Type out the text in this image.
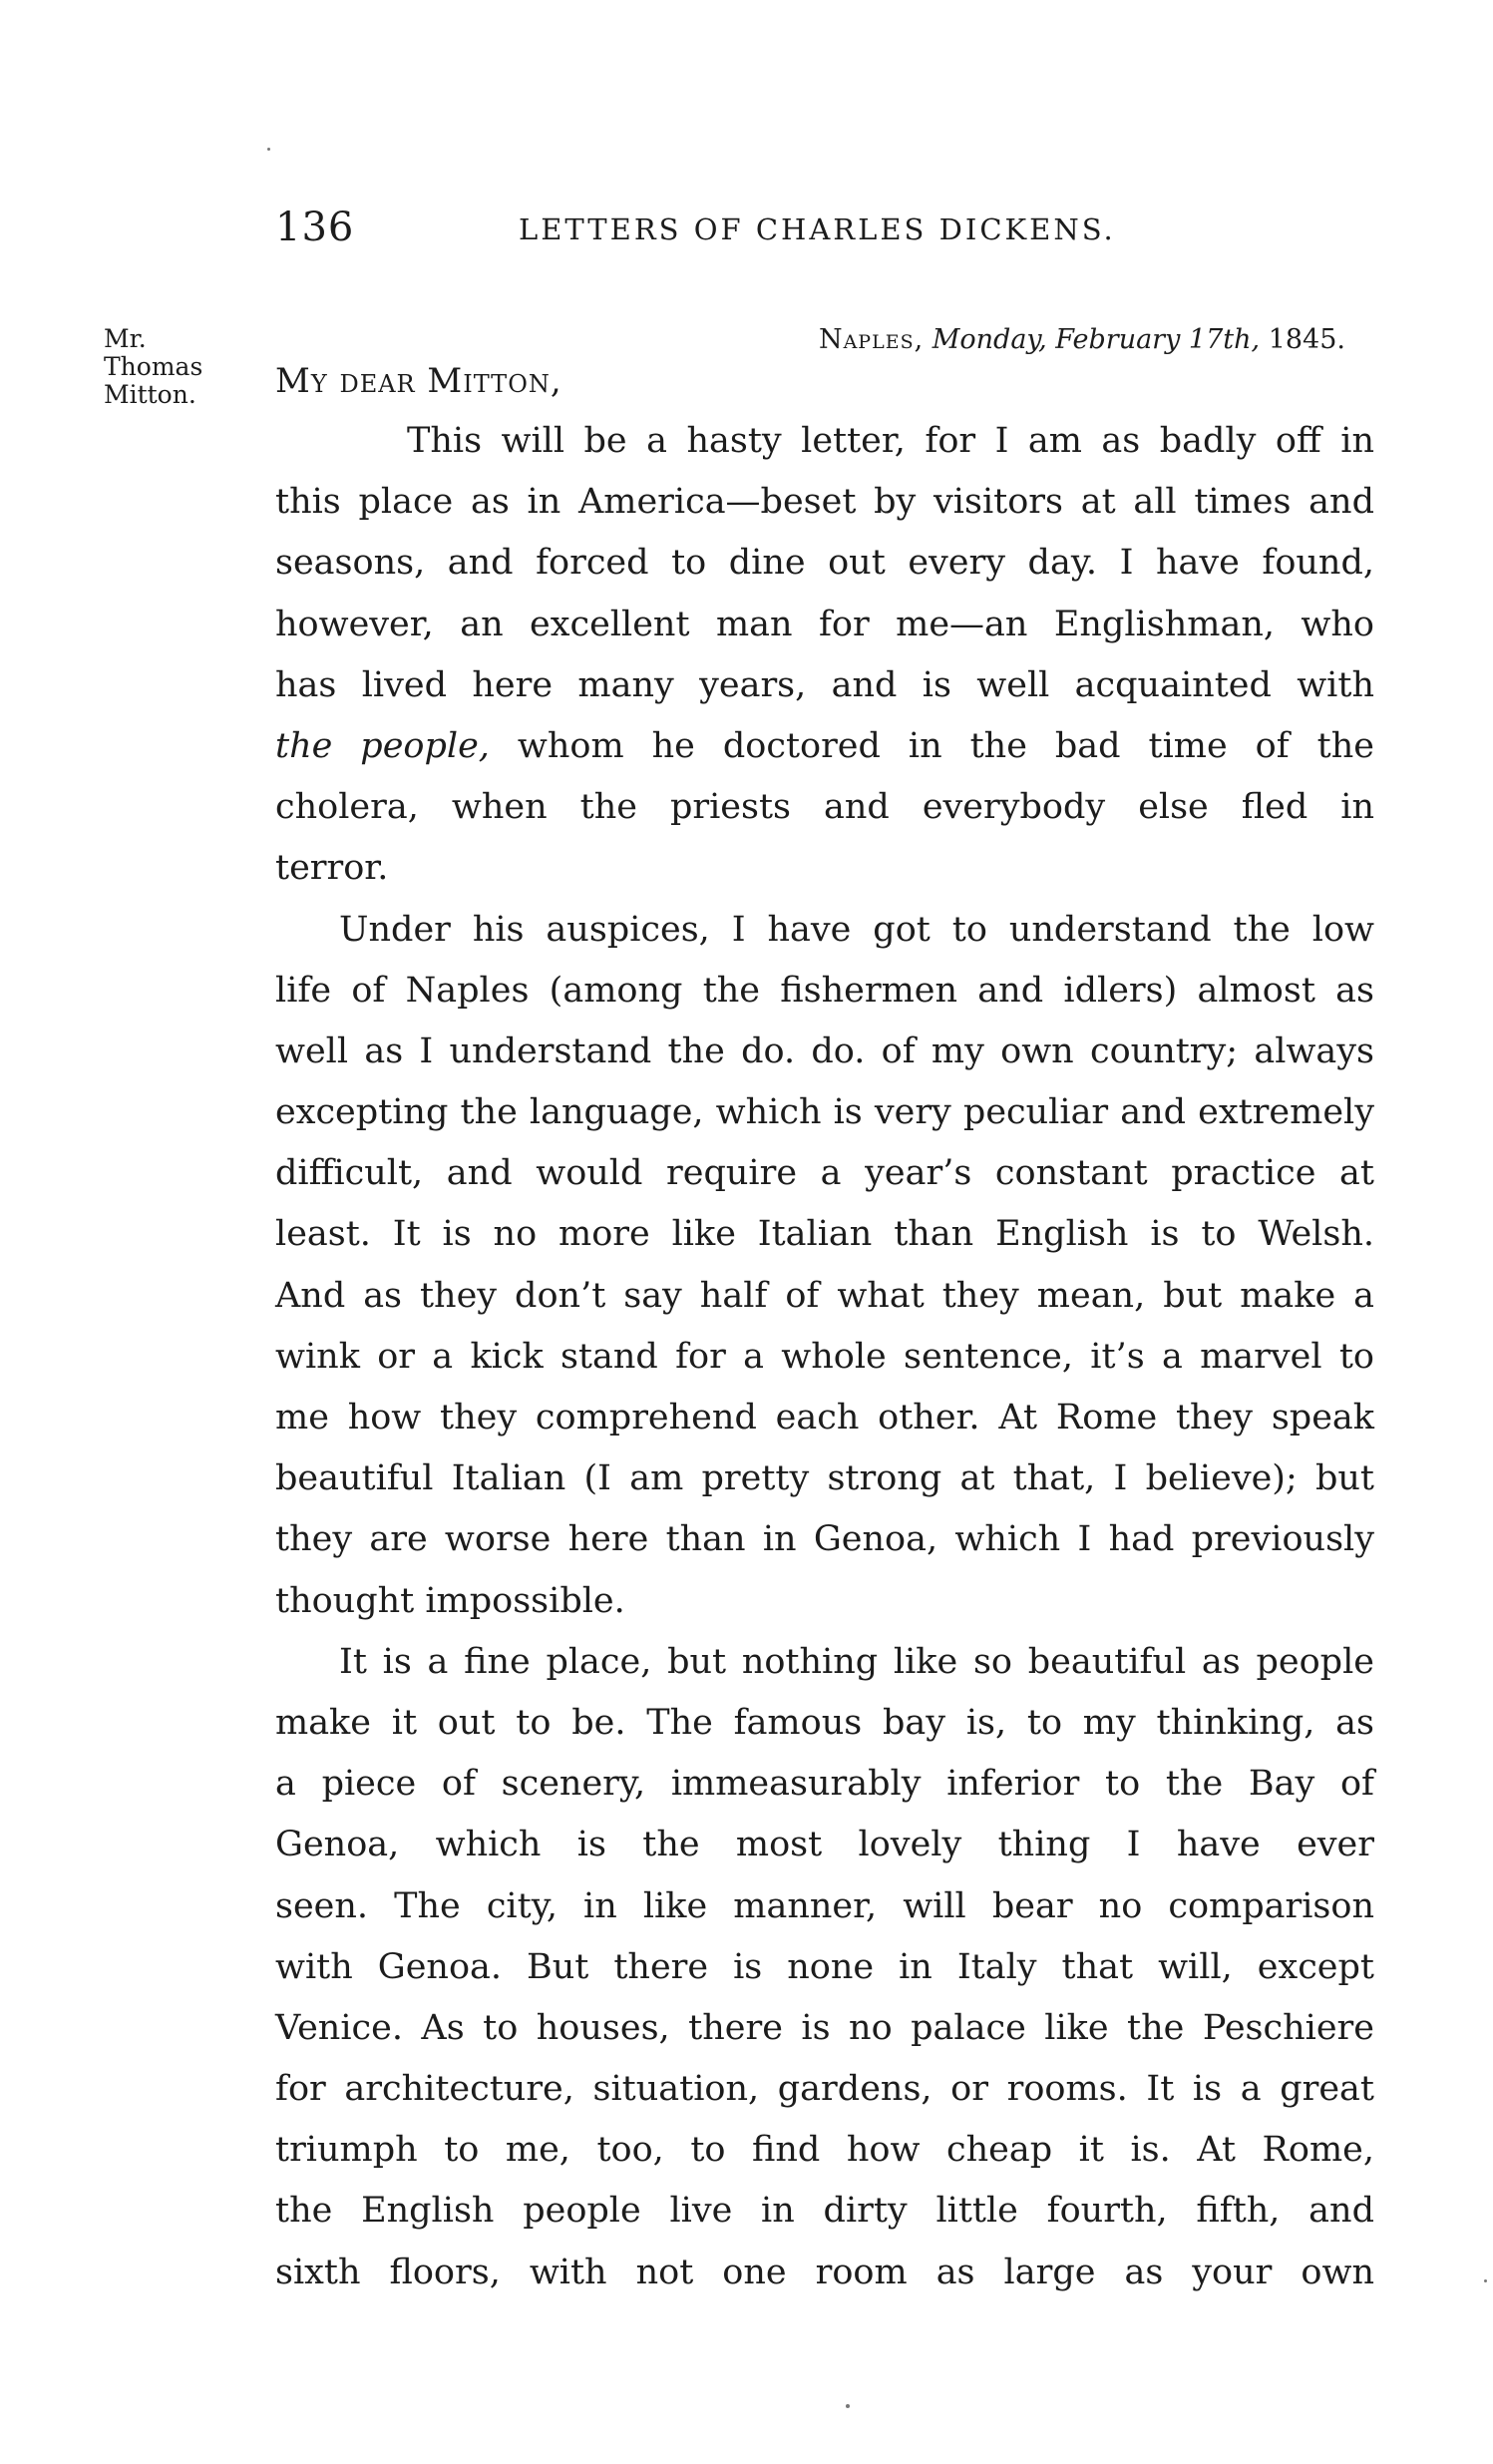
136	LETTERS OF CHARLES DICKENS.
Mr.
Thomas
Mitton.
Naples, Monday, February 17th, 1845.
My dear Mitton,
This will be a hasty letter, for I am as badly off in
this place as in America—beset by visitors at all times and
seasons, and forced to dine out every day. I have found,
however, an excellent man for me—an Englishman, who
has lived here many years, and is well acquainted with
the people, whom he doctored in the bad time of the
cholera, when the priests and everybody else fled in
terror.
Under his auspices, I have got to understand the low
life of Naples (among the fishermen and idlers) almost as
well as I understand the do. do. of my own country; always
excepting the language, which is very peculiar and extremely
difficult, and would require a year’s constant practice at
least. It is no more like Italian than English is to Welsh.
And as they don’t say half of what they mean, but make a
wink or a kick stand for a whole sentence, it’s a marvel to
me how they comprehend each other. At Rome they speak
beautiful Italian (I am pretty strong at that, I believe); but
they are worse here than in Genoa, which I had previously
thought impossible.
It is a fine place, but nothing like so beautiful as people
make it out to be. The famous bay is, to my thinking, as
a piece of scenery, immeasurably inferior to the Bay of
Genoa, which is the most lovely thing I have ever
seen. The city, in like manner, will bear no comparison
with Genoa. But there is none in Italy that will, except
Venice. As to houses, there is no palace like the Peschiere
for architecture, situation, gardens, or rooms. It is a great
triumph to me, too, to find how cheap it is. At Rome,
the English people live in dirty little fourth, fifth, and
sixth floors, with not one room as large as your own
